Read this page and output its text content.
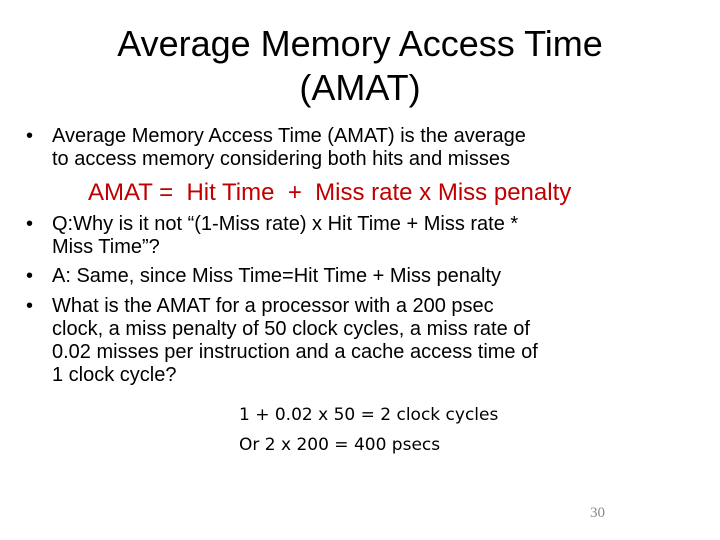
Average Memory Access Time
(AMAT)
• Average Memory Access Time (AMAT) is the average
to access memory considering both hits and misses
AMAT =  Hit Time  +  Miss rate x Miss penalty
• Q:Why is it not “(1-Miss rate) x Hit Time + Miss rate *
Miss Time”?
• A: Same, since Miss Time=Hit Time + Miss penalty
• What is the AMAT for a processor with a 200 psec
clock, a miss penalty of 50 clock cycles, a miss rate of
0.02 misses per instruction and a cache access time of
1 clock cycle?
1 + 0.02 x 50 = 2 clock cycles
Or 2 x 200 = 400 psecs
30
